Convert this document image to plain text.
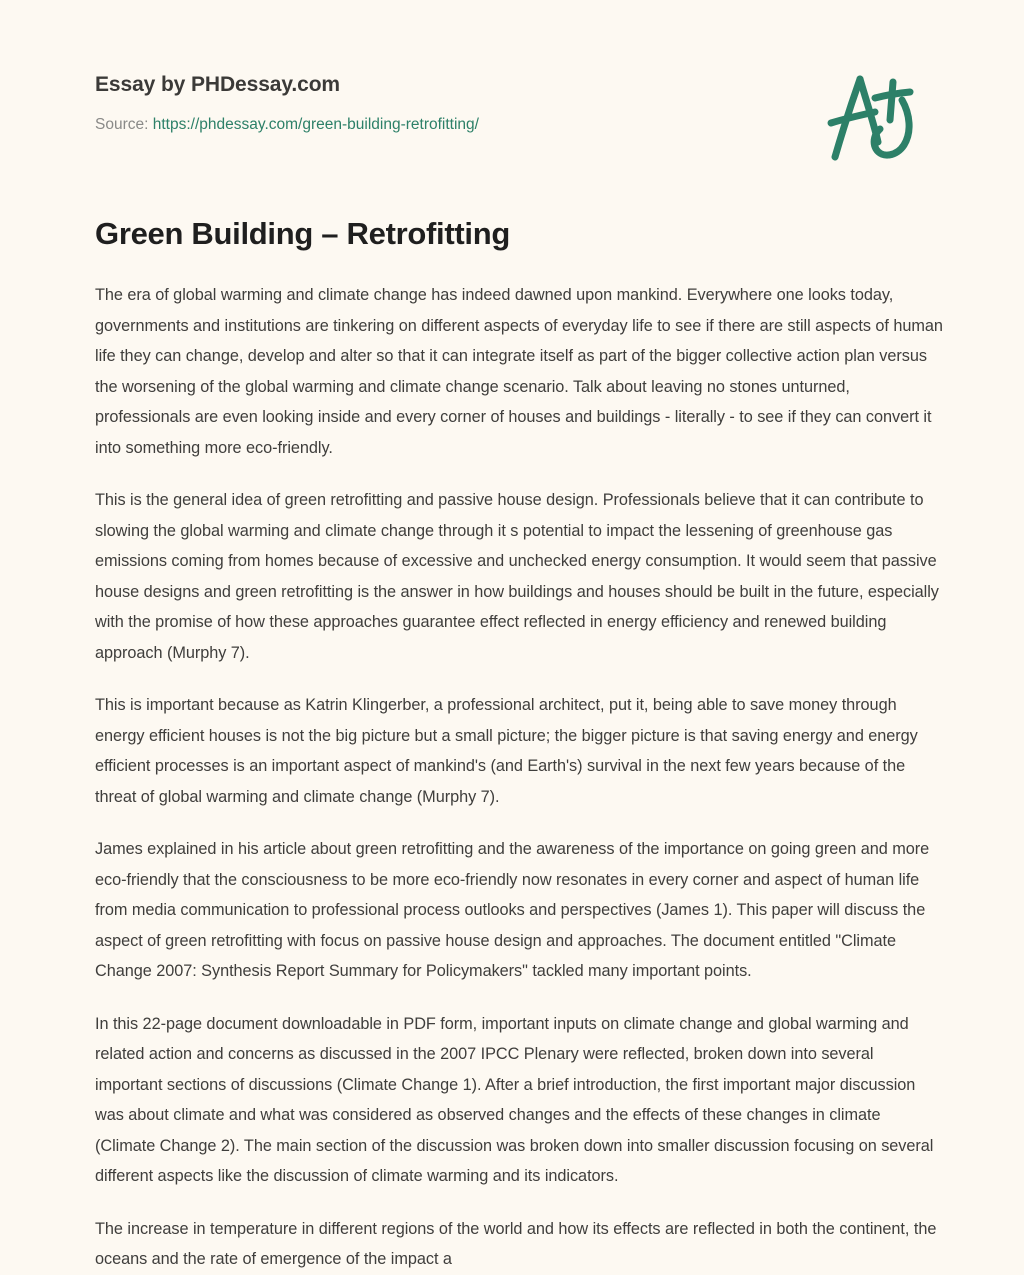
Essay by PHDessay.com
Source: https://phdessay.com/green-building-retrofitting/
Green Building – Retrofitting

The era of global warming and climate change has indeed dawned upon mankind. Everywhere one looks today, governments and institutions are tinkering on different aspects of everyday life to see if there are still aspects of human life they can change, develop and alter so that it can integrate itself as part of the bigger collective action plan versus the worsening of the global warming and climate change scenario. Talk about leaving no stones unturned, professionals are even looking inside and every corner of houses and buildings - literally - to see if they can convert it into something more eco-friendly.

This is the general idea of green retrofitting and passive house design. Professionals believe that it can contribute to slowing the global warming and climate change through it s potential to impact the lessening of greenhouse gas emissions coming from homes because of excessive and unchecked energy consumption. It would seem that passive house designs and green retrofitting is the answer in how buildings and houses should be built in the future, especially with the promise of how these approaches guarantee effect reflected in energy efficiency and renewed building approach (Murphy 7).

This is important because as Katrin Klingerber, a professional architect, put it, being able to save money through energy efficient houses is not the big picture but a small picture; the bigger picture is that saving energy and energy efficient processes is an important aspect of mankind's (and Earth's) survival in the next few years because of the threat of global warming and climate change (Murphy 7).

James explained in his article about green retrofitting and the awareness of the importance on going green and more eco-friendly that the consciousness to be more eco-friendly now resonates in every corner and aspect of human life from media communication to professional process outlooks and perspectives (James 1). This paper will discuss the aspect of green retrofitting with focus on passive house design and approaches. The document entitled "Climate Change 2007: Synthesis Report Summary for Policymakers" tackled many important points.

In this 22-page document downloadable in PDF form, important inputs on climate change and global warming and related action and concerns as discussed in the 2007 IPCC Plenary were reflected, broken down into several important sections of discussions (Climate Change 1). After a brief introduction, the first important major discussion was about climate and what was considered as observed changes and the effects of these changes in climate (Climate Change 2). The main section of the discussion was broken down into smaller discussion focusing on several different aspects like the discussion of climate warming and its indicators.

The increase in temperature in different regions of the world and how its effects are reflected in both the continent, the oceans and the rate of emergence of the impact a
